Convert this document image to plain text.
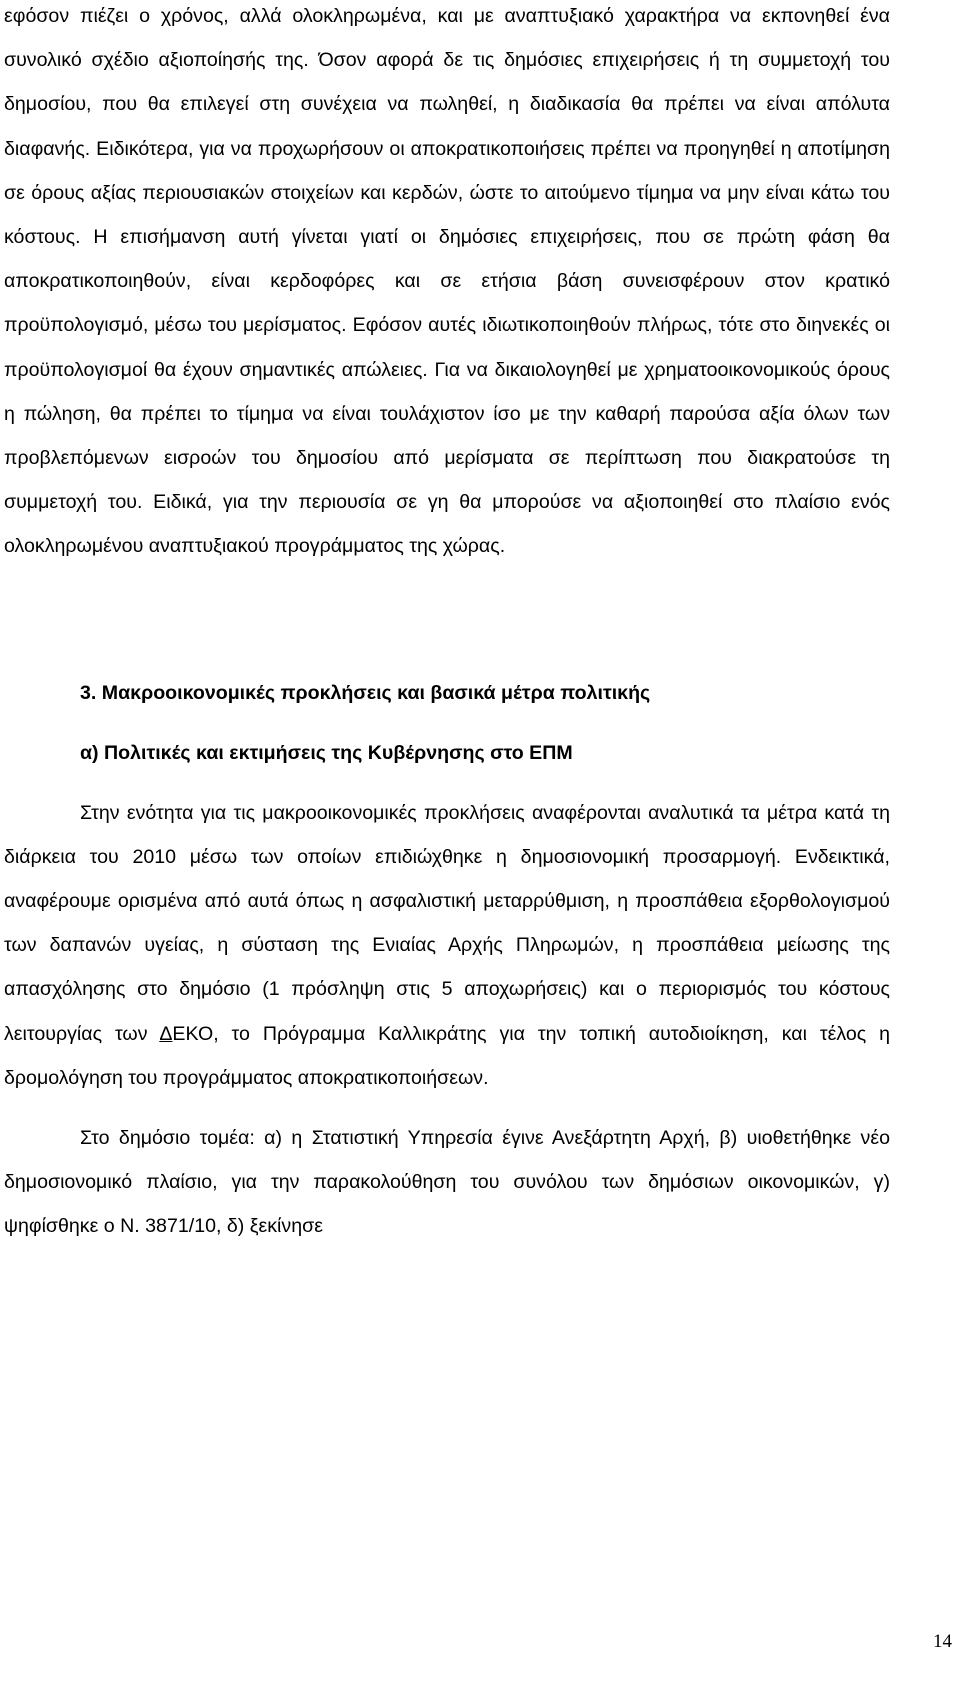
εφόσον πιέζει ο χρόνος, αλλά ολοκληρωμένα, και με αναπτυξιακό χαρακτήρα να εκπονηθεί ένα συνολικό σχέδιο αξιοποίησής της. Όσον αφορά δε τις δημόσιες επιχειρήσεις ή τη συμμετοχή του δημοσίου, που θα επιλεγεί στη συνέχεια να πωληθεί, η διαδικασία θα πρέπει να είναι απόλυτα διαφανής. Ειδικότερα, για να προχωρήσουν οι αποκρατικοποιήσεις πρέπει να προηγηθεί η αποτίμηση σε όρους αξίας περιουσιακών στοιχείων και κερδών, ώστε το αιτούμενο τίμημα να μην είναι κάτω του κόστους. Η επισήμανση αυτή γίνεται γιατί οι δημόσιες επιχειρήσεις, που σε πρώτη φάση θα αποκρατικοποιηθούν, είναι κερδοφόρες και σε ετήσια βάση συνεισφέρουν στον κρατικό προϋπολογισμό, μέσω του μερίσματος. Εφόσον αυτές ιδιωτικοποιηθούν πλήρως, τότε στο διηνεκές οι προϋπολογισμοί θα έχουν σημαντικές απώλειες. Για να δικαιολογηθεί με χρηματοοικονομικούς όρους η πώληση, θα πρέπει το τίμημα να είναι τουλάχιστον ίσο με την καθαρή παρούσα αξία όλων των προβλεπόμενων εισροών του δημοσίου από μερίσματα σε περίπτωση που διακρατούσε τη συμμετοχή του. Ειδικά, για την περιουσία σε γη θα μπορούσε να αξιοποιηθεί στο πλαίσιο ενός ολοκληρωμένου αναπτυξιακού προγράμματος της χώρας.

3. Μακροοικονομικές προκλήσεις και βασικά μέτρα πολιτικής
α) Πολιτικές και εκτιμήσεις της Κυβέρνησης στο ΕΠΜ

Στην ενότητα για τις μακροοικονομικές προκλήσεις αναφέρονται αναλυτικά τα μέτρα κατά τη διάρκεια του 2010 μέσω των οποίων επιδιώχθηκε η δημοσιονομική προσαρμογή. Ενδεικτικά, αναφέρουμε ορισμένα από αυτά όπως η ασφαλιστική μεταρρύθμιση, η προσπάθεια εξορθολογισμού των δαπανών υγείας, η σύσταση της Ενιαίας Αρχής Πληρωμών, η προσπάθεια μείωσης της απασχόλησης στο δημόσιο (1 πρόσληψη στις 5 αποχωρήσεις) και ο περιορισμός του κόστους λειτουργίας των ΔΕΚΟ, το Πρόγραμμα Καλλικράτης για την τοπική αυτοδιοίκηση, και τέλος η δρομολόγηση του προγράμματος αποκρατικοποιήσεων.

Στο δημόσιο τομέα: α) η Στατιστική Υπηρεσία έγινε Ανεξάρτητη Αρχή, β) υιοθετήθηκε νέο δημοσιονομικό πλαίσιο, για την παρακολούθηση του συνόλου των δημόσιων οικονομικών, γ) ψηφίσθηκε ο Ν. 3871/10, δ) ξεκίνησε

14
